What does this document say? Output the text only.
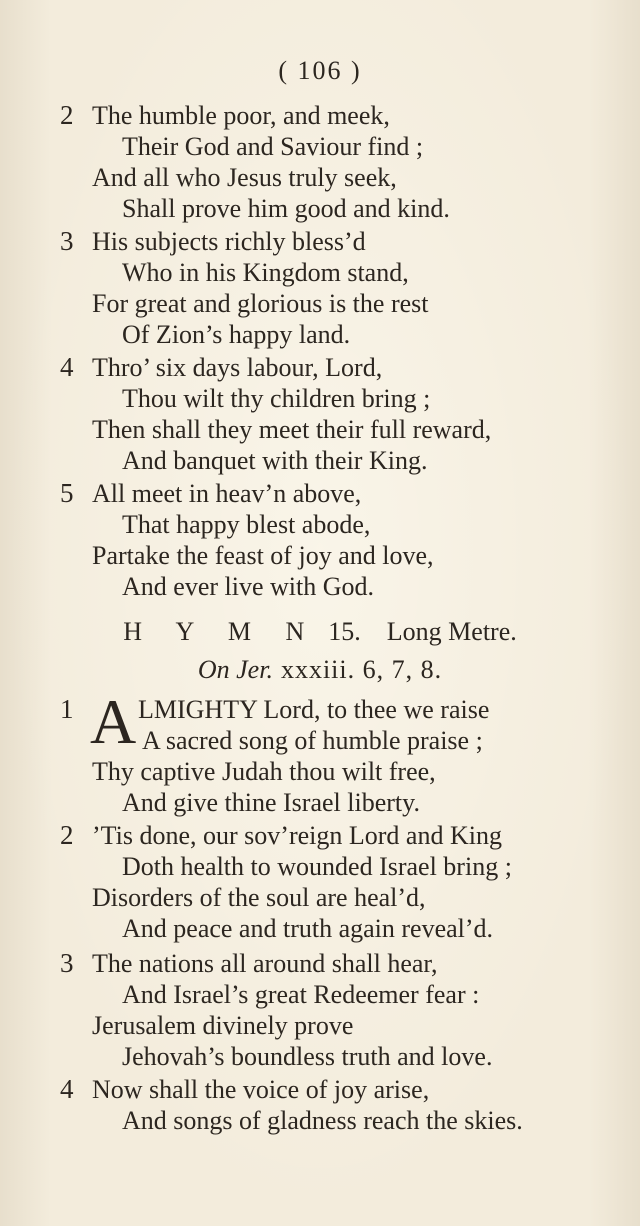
( 106 )
2 The humble poor, and meek,
Their God and Saviour find ;
And all who Jesus truly seek,
Shall prove him good and kind.
3 His subjects richly bless’d
Who in his Kingdom stand,
For great and glorious is the rest
Of Zion’s happy land.
4 Thro’ six days labour, Lord,
Thou wilt thy children bring ;
Then shall they meet their full reward,
And banquet with their King.
5 All meet in heav’n above,
That happy blest abode,
Partake the feast of joy and love,
And ever live with God.
H Y M N 15. Long Metre.
On Jer. xxxiii. 6, 7, 8.
1 A LMIGHTY Lord, to thee we raise
A sacred song of humble praise ;
Thy captive Judah thou wilt free,
And give thine Israel liberty.
2 ’Tis done, our sov’reign Lord and King
Doth health to wounded Israel bring ;
Disorders of the soul are heal’d,
And peace and truth again reveal’d.
3 The nations all around shall hear,
And Israel’s great Redeemer fear :
Jerusalem divinely prove
Jehovah’s boundless truth and love.
4 Now shall the voice of joy arise,
And songs of gladness reach the skies.
